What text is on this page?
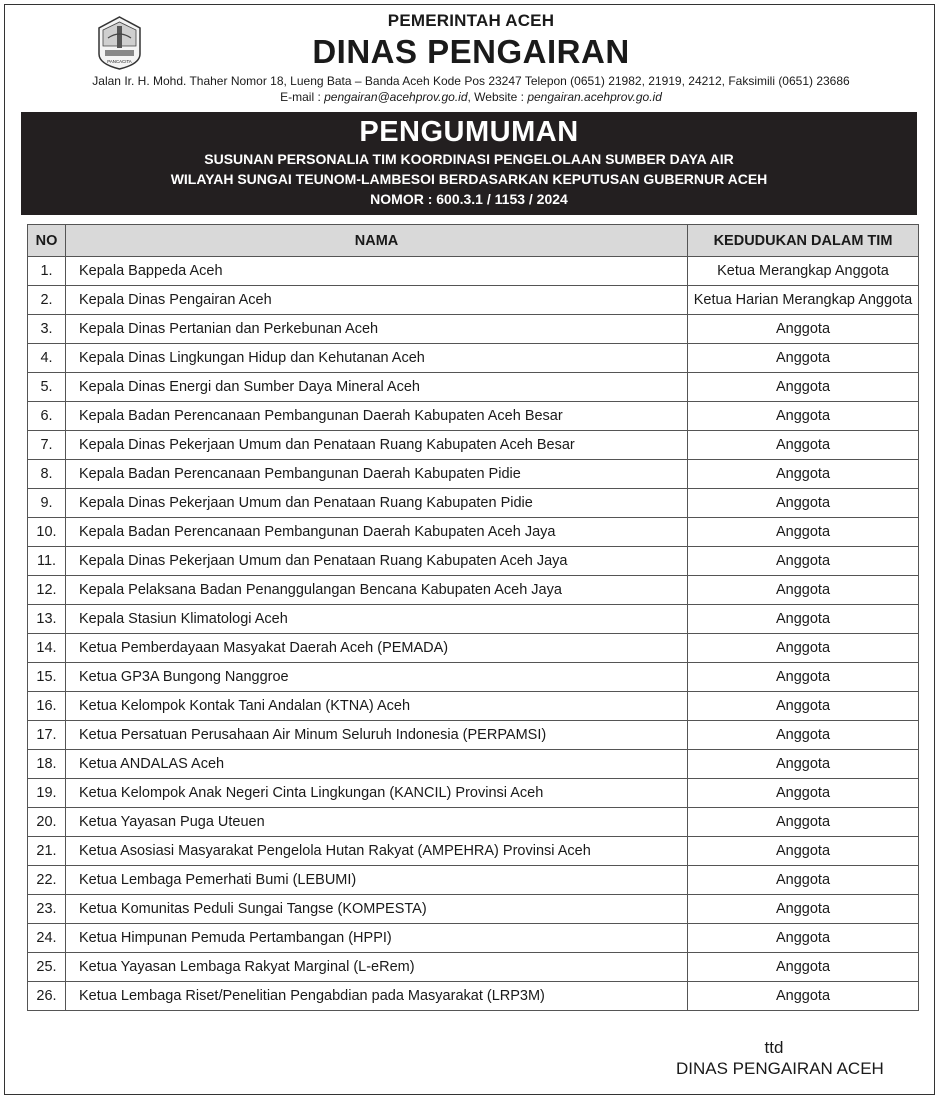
PANCACITA
PEMERINTAH ACEH
DINAS PENGAIRAN
Jalan Ir. H. Mohd. Thaher Nomor 18, Lueng Bata – Banda Aceh Kode Pos 23247 Telepon (0651) 21982, 21919, 24212, Faksimili (0651) 23686
E-mail : pengairan@acehprov.go.id, Website : pengairan.acehprov.go.id
PENGUMUMAN
SUSUNAN PERSONALIA TIM KOORDINASI PENGELOLAAN SUMBER DAYA AIR
WILAYAH SUNGAI TEUNOM-LAMBESOI BERDASARKAN KEPUTUSAN GUBERNUR ACEH
NOMOR : 600.3.1 / 1153 / 2024
NO	NAMA	KEDUDUKAN DALAM TIM
1.	Kepala Bappeda Aceh	Ketua Merangkap Anggota
2.	Kepala Dinas Pengairan Aceh	Ketua Harian Merangkap Anggota
3.	Kepala Dinas Pertanian dan Perkebunan Aceh	Anggota
4.	Kepala Dinas Lingkungan Hidup dan Kehutanan Aceh	Anggota
5.	Kepala Dinas Energi dan Sumber Daya Mineral Aceh	Anggota
6.	Kepala Badan Perencanaan Pembangunan Daerah Kabupaten Aceh Besar	Anggota
7.	Kepala Dinas Pekerjaan Umum dan Penataan Ruang Kabupaten Aceh Besar	Anggota
8.	Kepala Badan Perencanaan Pembangunan Daerah Kabupaten Pidie	Anggota
9.	Kepala Dinas Pekerjaan Umum dan Penataan Ruang Kabupaten Pidie	Anggota
10.	Kepala Badan Perencanaan Pembangunan Daerah Kabupaten Aceh Jaya	Anggota
11.	Kepala Dinas Pekerjaan Umum dan Penataan Ruang Kabupaten Aceh Jaya	Anggota
12.	Kepala Pelaksana Badan Penanggulangan Bencana Kabupaten Aceh Jaya	Anggota
13.	Kepala Stasiun Klimatologi Aceh	Anggota
14.	Ketua Pemberdayaan Masyakat Daerah Aceh (PEMADA)	Anggota
15.	Ketua GP3A Bungong Nanggroe	Anggota
16.	Ketua Kelompok Kontak Tani Andalan (KTNA) Aceh	Anggota
17.	Ketua Persatuan Perusahaan Air Minum Seluruh Indonesia (PERPAMSI)	Anggota
18.	Ketua ANDALAS Aceh	Anggota
19.	Ketua Kelompok Anak Negeri Cinta Lingkungan (KANCIL) Provinsi Aceh	Anggota
20.	Ketua Yayasan Puga Uteuen	Anggota
21.	Ketua Asosiasi Masyarakat Pengelola Hutan Rakyat (AMPEHRA) Provinsi Aceh	Anggota
22.	Ketua Lembaga Pemerhati Bumi (LEBUMI)	Anggota
23.	Ketua Komunitas Peduli Sungai Tangse (KOMPESTA)	Anggota
24.	Ketua Himpunan Pemuda Pertambangan (HPPI)	Anggota
25.	Ketua Yayasan Lembaga Rakyat Marginal (L-eRem)	Anggota
26.	Ketua Lembaga Riset/Penelitian Pengabdian pada Masyarakat (LRP3M)	Anggota
ttd
DINAS PENGAIRAN ACEH
